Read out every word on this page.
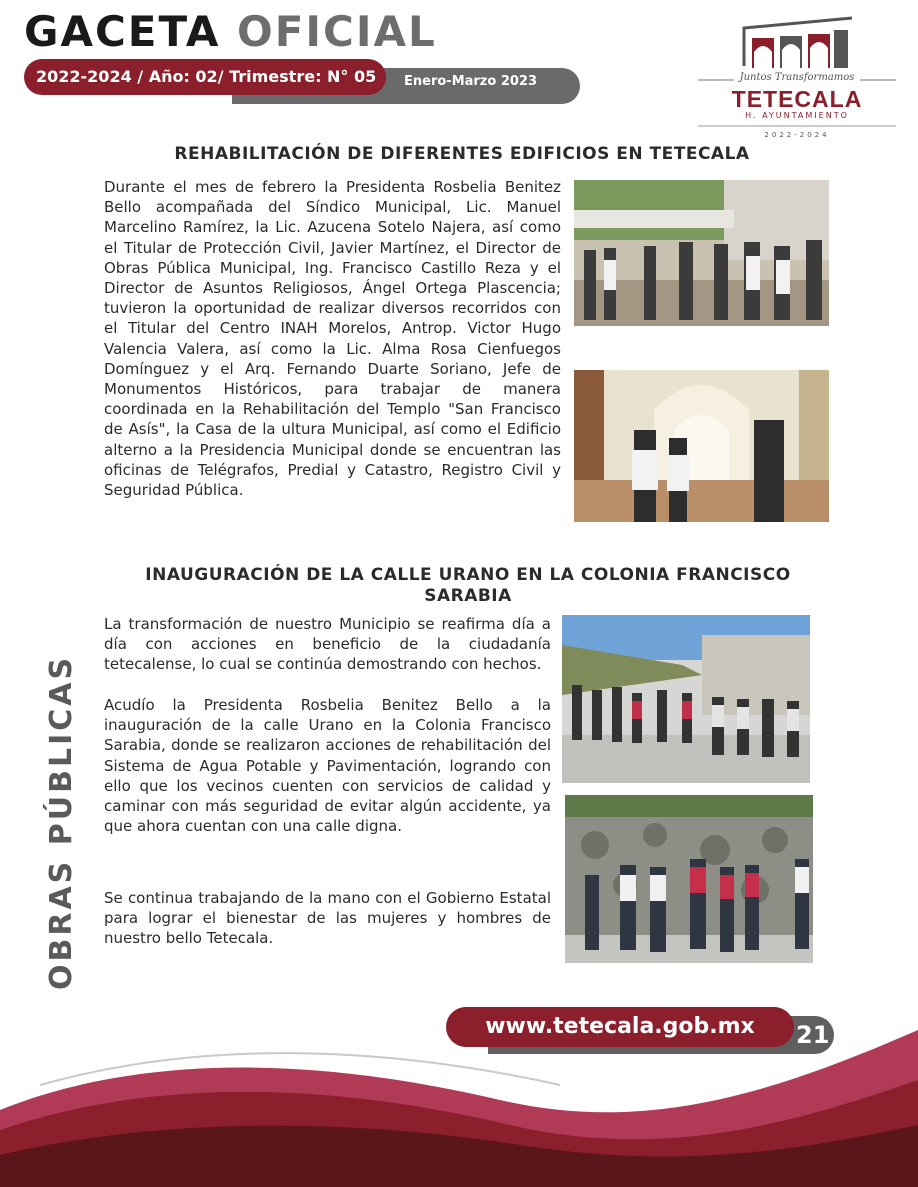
GACETA OFICIAL
Enero-Marzo 2023
2022-2024 / Año: 02/ Trimestre: N° 05	Juntos Transformamos
TETECALA
H. AYUNTAMIENTO
2022-2024
REHABILITACIÓN DE DIFERENTES EDIFICIOS EN TETECALA
Durante el mes de febrero la Presidenta Rosbelia Benitez Bello acompañada del Síndico Municipal, Lic. Manuel Marcelino Ramírez, la Lic. Azucena Sotelo Najera, así como el Titular de Protección Civil, Javier Martínez, el Director de Obras Pública Municipal, Ing. Francisco Castillo Reza y el Director de Asuntos Religiosos, Ángel Ortega Plascencia; tuvieron la oportunidad de realizar diversos recorridos con el Titular del Centro INAH Morelos, Antrop. Victor Hugo Valencia Valera, así como la Lic. Alma Rosa Cienfuegos Domínguez y el Arq. Fernando Duarte Soriano, Jefe de Monumentos Históricos, para trabajar de manera coordinada en la Rehabilitación del Templo "San Francisco de Asís", la Casa de la ultura Municipal, así como el Edificio alterno a la Presidencia Municipal donde se encuentran las oficinas de Telégrafos, Predial y Catastro, Registro Civil y Seguridad Pública.
INAUGURACIÓN DE LA CALLE URANO EN LA COLONIA FRANCISCO SARABIA
La transformación de nuestro Municipio se reafirma día a día con acciones en beneficio de la ciudadanía tetecalense, lo cual se continúa demostrando con hechos.
Acudío la Presidenta Rosbelia Benitez Bello a la inauguración de la calle Urano en la Colonia Francisco Sarabia, donde se realizaron acciones de rehabilitación del Sistema de Agua Potable y Pavimentación, logrando con ello que los vecinos cuenten con servicios de calidad y caminar con más seguridad de evitar algún accidente, ya que ahora cuentan con una calle digna.
Se continua trabajando de la mano con el Gobierno Estatal para lograr el bienestar de las mujeres y hombres de nuestro bello Tetecala.
OBRAS PÚBLICAS
www.tetecala.gob.mx	21
